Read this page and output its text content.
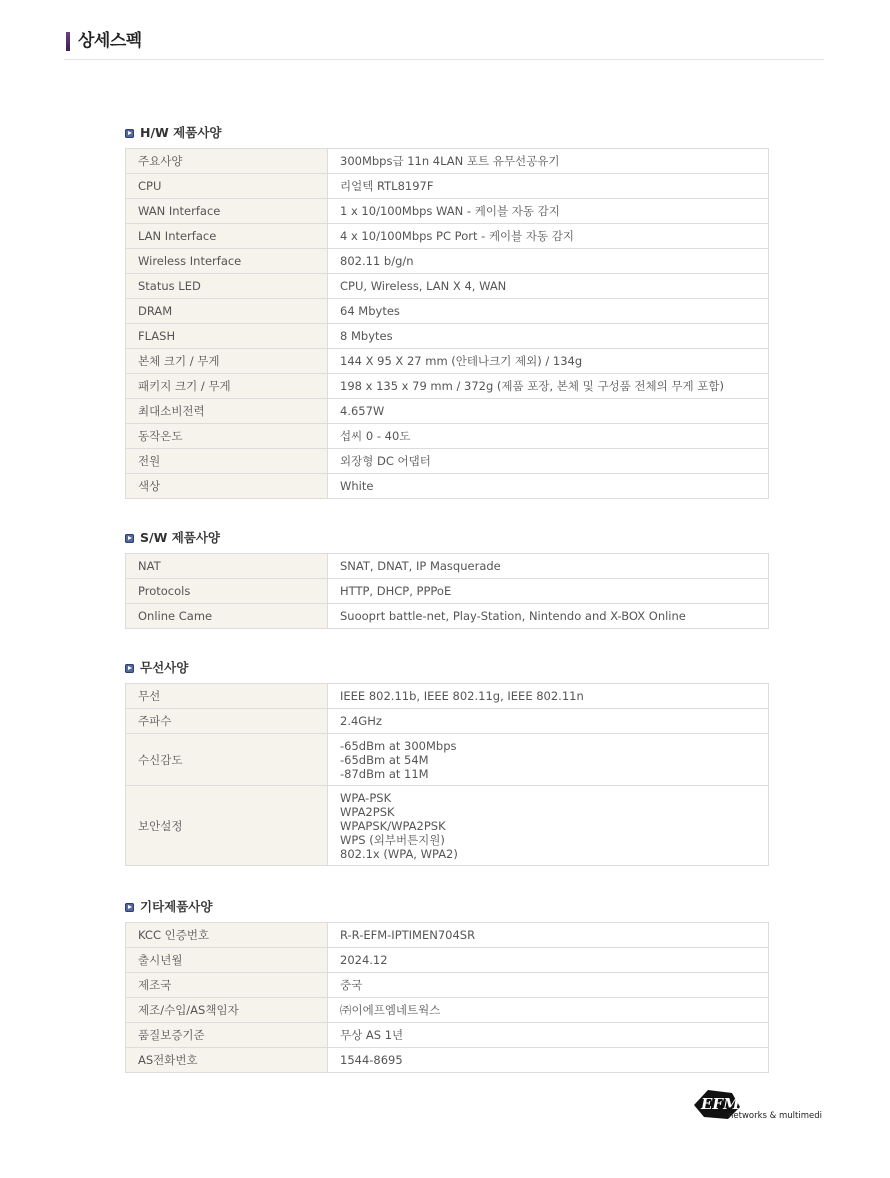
상세스펙
H/W 제품사양
주요사양	300Mbps급 11n 4LAN 포트 유무선공유기
CPU	리얼텍 RTL8197F
WAN Interface	1 x 10/100Mbps WAN - 케이블 자동 감지
LAN Interface	4 x 10/100Mbps PC Port - 케이블 자동 감지
Wireless Interface	802.11 b/g/n
Status LED	CPU, Wireless, LAN X 4, WAN
DRAM	64 Mbytes
FLASH	8 Mbytes
본체 크기 / 무게	144 X 95 X 27 mm (안테나크기 제외) / 134g
패키지 크기 / 무게	198 x 135 x 79 mm / 372g (제품 포장, 본체 및 구성품 전체의 무게 포함)
최대소비전력	4.657W
동작온도	섭씨 0 - 40도
전원	외장형 DC 어댑터
색상	White
S/W 제품사양
NAT	SNAT, DNAT, IP Masquerade
Protocols	HTTP, DHCP, PPPoE
Online Came	Suooprt battle-net, Play-Station, Nintendo and X-BOX Online
무선사양
무선	IEEE 802.11b, IEEE 802.11g, IEEE 802.11n

주파수	2.4GHz

수신감도	-65dBm at 300Mbps
-65dBm at 54M
-87dBm at 11M

보안설정	WPA-PSK
WPA2PSK
WPAPSK/WPA2PSK
WPS (외부버튼지원)
802.1x (WPA, WPA2)
기타제품사양
KCC 인증번호	R-R-EFM-IPTIMEN704SR
출시년월	2024.12
제조국	중국
제조/수입/AS책임자	㈜이에프엠네트웍스
품질보증기준	무상 AS 1년
AS전화번호	1544-8695
EFM
networks & multimedia
